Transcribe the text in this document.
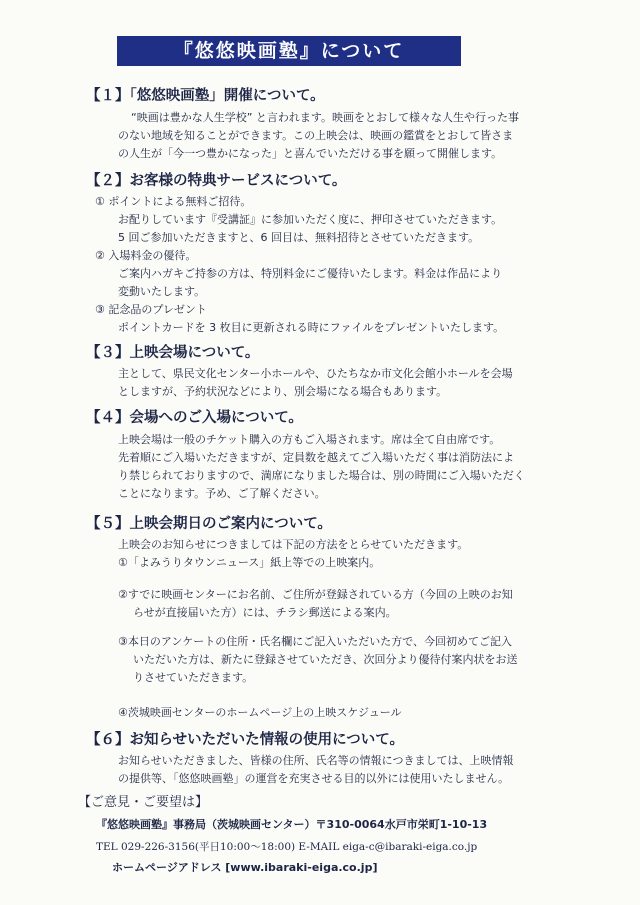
『悠悠映画塾』について
【１】「悠悠映画塾」開催について。
“映画は豊かな人生学校” と言われます。映画をとおして様々な人生や行った事
のない地域を知ることができます。この上映会は、映画の鑑賞をとおして皆さま
の人生が「今一つ豊かになった」と喜んでいただける事を願って開催します。
【２】お客様の特典サービスについて。
① ポイントによる無料ご招待。
お配りしています『受講証』に参加いただく度に、押印させていただきます。
5 回ご参加いただきますと、6 回目は、無料招待とさせていただきます。
② 入場料金の優待。
ご案内ハガキご持参の方は、特別料金にご優待いたします。料金は作品により
変動いたします。
③ 記念品のプレゼント
ポイントカードを 3 枚目に更新される時にファイルをプレゼントいたします。
【３】上映会場について。
主として、県民文化センター小ホールや、ひたちなか市文化会館小ホールを会場
としますが、予約状況などにより、別会場になる場合もあります。
【４】会場へのご入場について。
上映会場は一般のチケット購入の方もご入場されます。席は全て自由席です。
先着順にご入場いただきますが、定員数を越えてご入場いただく事は消防法によ
り禁じられておりますので、満席になりました場合は、別の時間にご入場いただく
ことになります。予め、ご了解ください。
【５】上映会期日のご案内について。
上映会のお知らせにつきましては下記の方法をとらせていただきます。
①「よみうりタウンニュース」紙上等での上映案内。
②すでに映画センターにお名前、ご住所が登録されている方（今回の上映のお知
らせが直接届いた方）には、チラシ郵送による案内。
③本日のアンケートの住所・氏名欄にご記入いただいた方で、今回初めてご記入
いただいた方は、新たに登録させていただき、次回分より優待付案内状をお送
りさせていただきます。
④茨城映画センターのホームページ上の上映スケジュール
【６】お知らせいただいた情報の使用について。
お知らせいただきました、皆様の住所、氏名等の情報につきましては、上映情報
の提供等、「悠悠映画塾」の運営を充実させる目的以外には使用いたしません。
【ご意見・ご要望は】
『悠悠映画塾』事務局（茨城映画センター）〒310-0064水戸市栄町1-10-13
TEL 029-226-3156(平日10:00〜18:00) E-MAIL eiga-c@ibaraki-eiga.co.jp
ホームページアドレス [www.ibaraki-eiga.co.jp]
